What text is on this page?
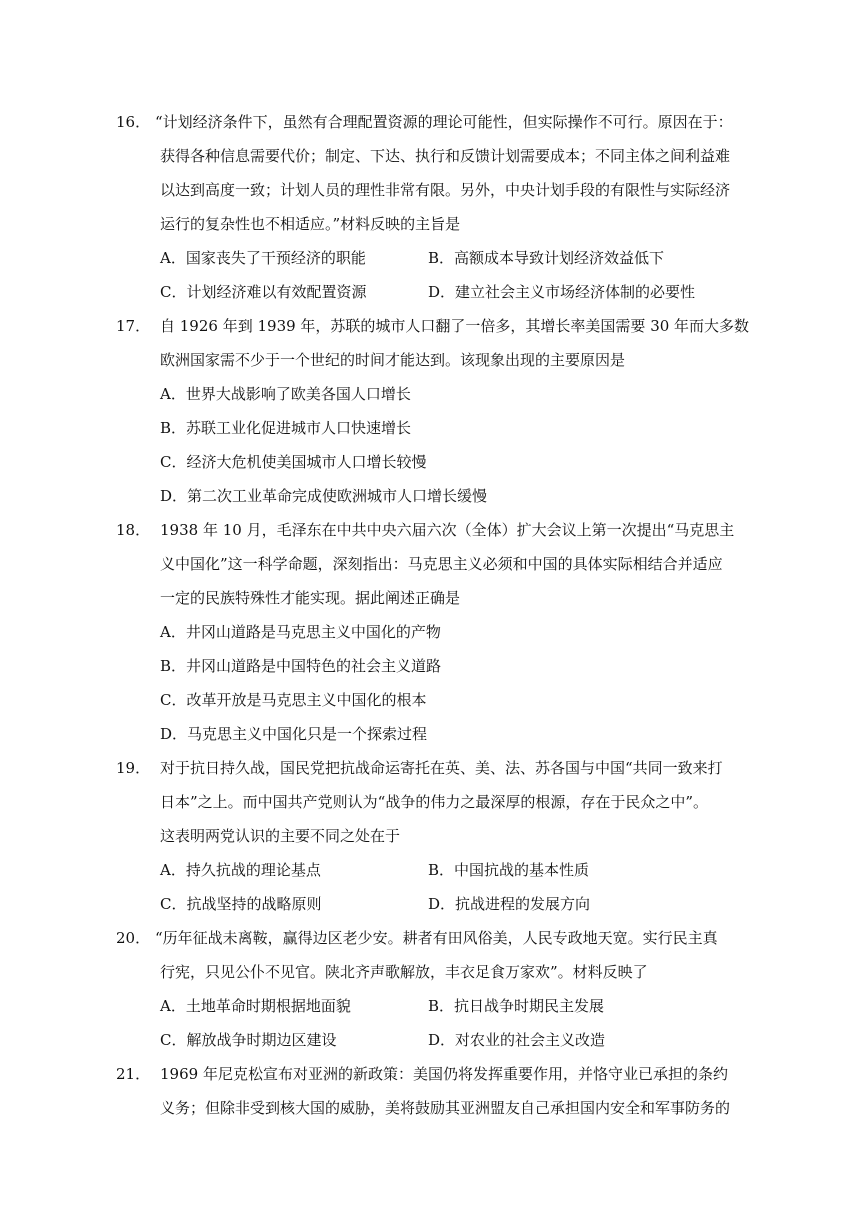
16． “计划经济条件下，虽然有合理配置资源的理论可能性，但实际操作不可行。原因在于：
获得各种信息需要代价；制定、下达、执行和反馈计划需要成本；不同主体之间利益难
以达到高度一致；计划人员的理性非常有限。另外，中央计划手段的有限性与实际经济
运行的复杂性也不相适应。”材料反映的主旨是
A．国家丧失了干预经济的职能	B．高额成本导致计划经济效益低下
C．计划经济难以有效配置资源	D．建立社会主义市场经济体制的必要性
17． 自 1926 年到 1939 年，苏联的城市人口翻了一倍多，其增长率美国需要 30 年而大多数
欧洲国家需不少于一个世纪的时间才能达到。该现象出现的主要原因是
A．世界大战影响了欧美各国人口增长
B．苏联工业化促进城市人口快速增长
C．经济大危机使美国城市人口增长较慢
D．第二次工业革命完成使欧洲城市人口增长缓慢
18． 1938 年 10 月，毛泽东在中共中央六届六次（全体）扩大会议上第一次提出“马克思主
义中国化”这一科学命题，深刻指出：马克思主义必须和中国的具体实际相结合并适应
一定的民族特殊性才能实现。据此阐述正确是
A．井冈山道路是马克思主义中国化的产物
B．井冈山道路是中国特色的社会主义道路
C．改革开放是马克思主义中国化的根本
D．马克思主义中国化只是一个探索过程
19． 对于抗日持久战，国民党把抗战命运寄托在英、美、法、苏各国与中国“共同一致来打
日本”之上。而中国共产党则认为“战争的伟力之最深厚的根源，存在于民众之中”。
这表明两党认识的主要不同之处在于
A．持久抗战的理论基点	B．中国抗战的基本性质
C．抗战坚持的战略原则	D．抗战进程的发展方向
20． “历年征战未离鞍，赢得边区老少安。耕者有田风俗美，人民专政地天宽。实行民主真
行宪，只见公仆不见官。陕北齐声歌解放，丰衣足食万家欢”。材料反映了
A．土地革命时期根据地面貌	B．抗日战争时期民主发展
C．解放战争时期边区建设	D．对农业的社会主义改造
21． 1969 年尼克松宣布对亚洲的新政策：美国仍将发挥重要作用，并恪守业已承担的条约
义务；但除非受到核大国的威胁，美将鼓励其亚洲盟友自己承担国内安全和军事防务的
